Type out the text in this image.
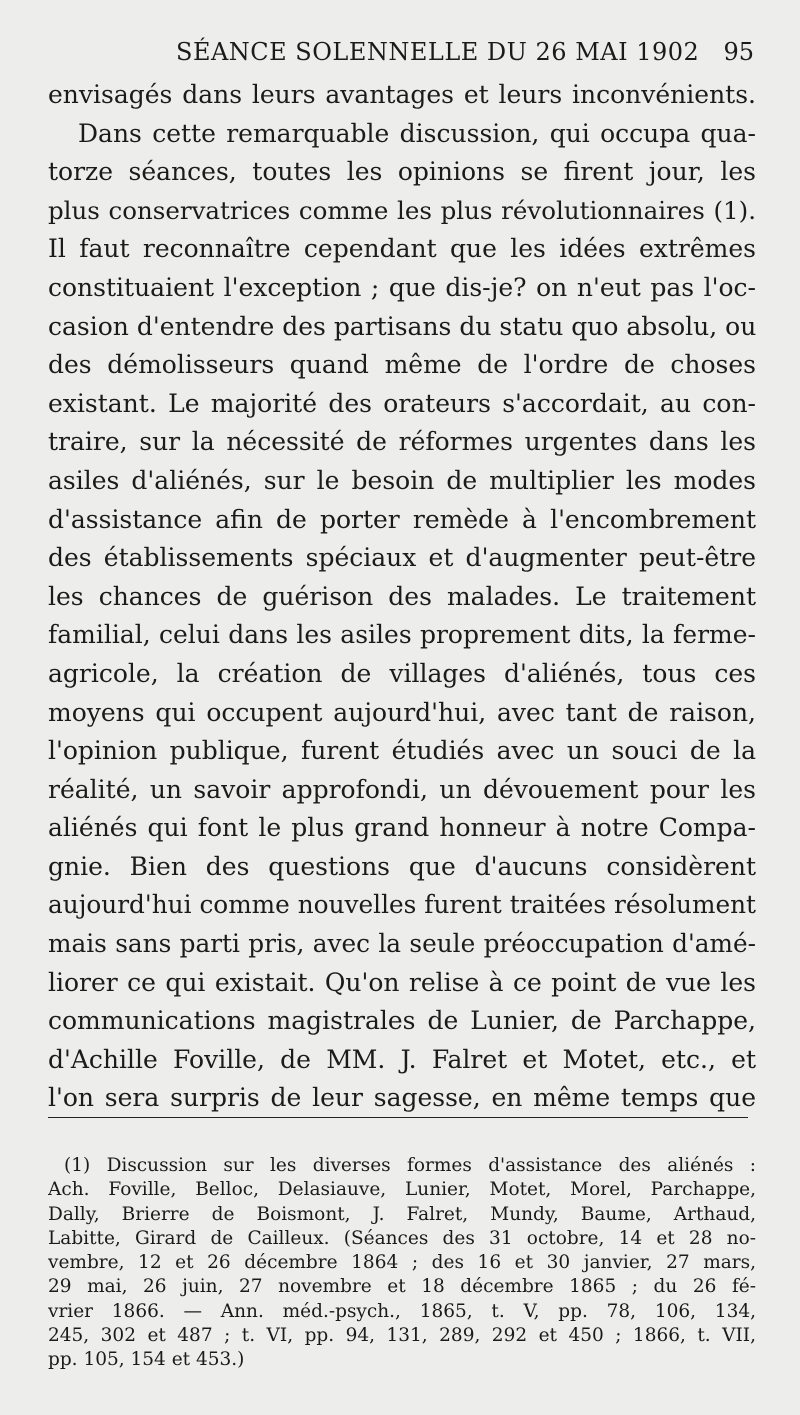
SÉANCE SOLENNELLE DU 26 MAI 1902 95
envisagés dans leurs avantages et leurs inconvénients.
Dans cette remarquable discussion, qui occupa qua-
torze séances, toutes les opinions se firent jour, les
plus conservatrices comme les plus révolutionnaires (1).
Il faut reconnaître cependant que les idées extrêmes
constituaient l'exception ; que dis-je? on n'eut pas l'oc-
casion d'entendre des partisans du statu quo absolu, ou
des démolisseurs quand même de l'ordre de choses
existant. Le majorité des orateurs s'accordait, au con-
traire, sur la nécessité de réformes urgentes dans les
asiles d'aliénés, sur le besoin de multiplier les modes
d'assistance afin de porter remède à l'encombrement
des établissements spéciaux et d'augmenter peut-être
les chances de guérison des malades. Le traitement
familial, celui dans les asiles proprement dits, la ferme-
agricole, la création de villages d'aliénés, tous ces
moyens qui occupent aujourd'hui, avec tant de raison,
l'opinion publique, furent étudiés avec un souci de la
réalité, un savoir approfondi, un dévouement pour les
aliénés qui font le plus grand honneur à notre Compa-
gnie. Bien des questions que d'aucuns considèrent
aujourd'hui comme nouvelles furent traitées résolument
mais sans parti pris, avec la seule préoccupation d'amé-
liorer ce qui existait. Qu'on relise à ce point de vue les
communications magistrales de Lunier, de Parchappe,
d'Achille Foville, de MM. J. Falret et Motet, etc., et
l'on sera surpris de leur sagesse, en même temps que
(1) Discussion sur les diverses formes d'assistance des aliénés :
Ach. Foville, Belloc, Delasiauve, Lunier, Motet, Morel, Parchappe,
Dally, Brierre de Boismont, J. Falret, Mundy, Baume, Arthaud,
Labitte, Girard de Cailleux. (Séances des 31 octobre, 14 et 28 no-
vembre, 12 et 26 décembre 1864 ; des 16 et 30 janvier, 27 mars,
29 mai, 26 juin, 27 novembre et 18 décembre 1865 ; du 26 fé-
vrier 1866. — Ann. méd.-psych., 1865, t. V, pp. 78, 106, 134,
245, 302 et 487 ; t. VI, pp. 94, 131, 289, 292 et 450 ; 1866, t. VII,
pp. 105, 154 et 453.)
